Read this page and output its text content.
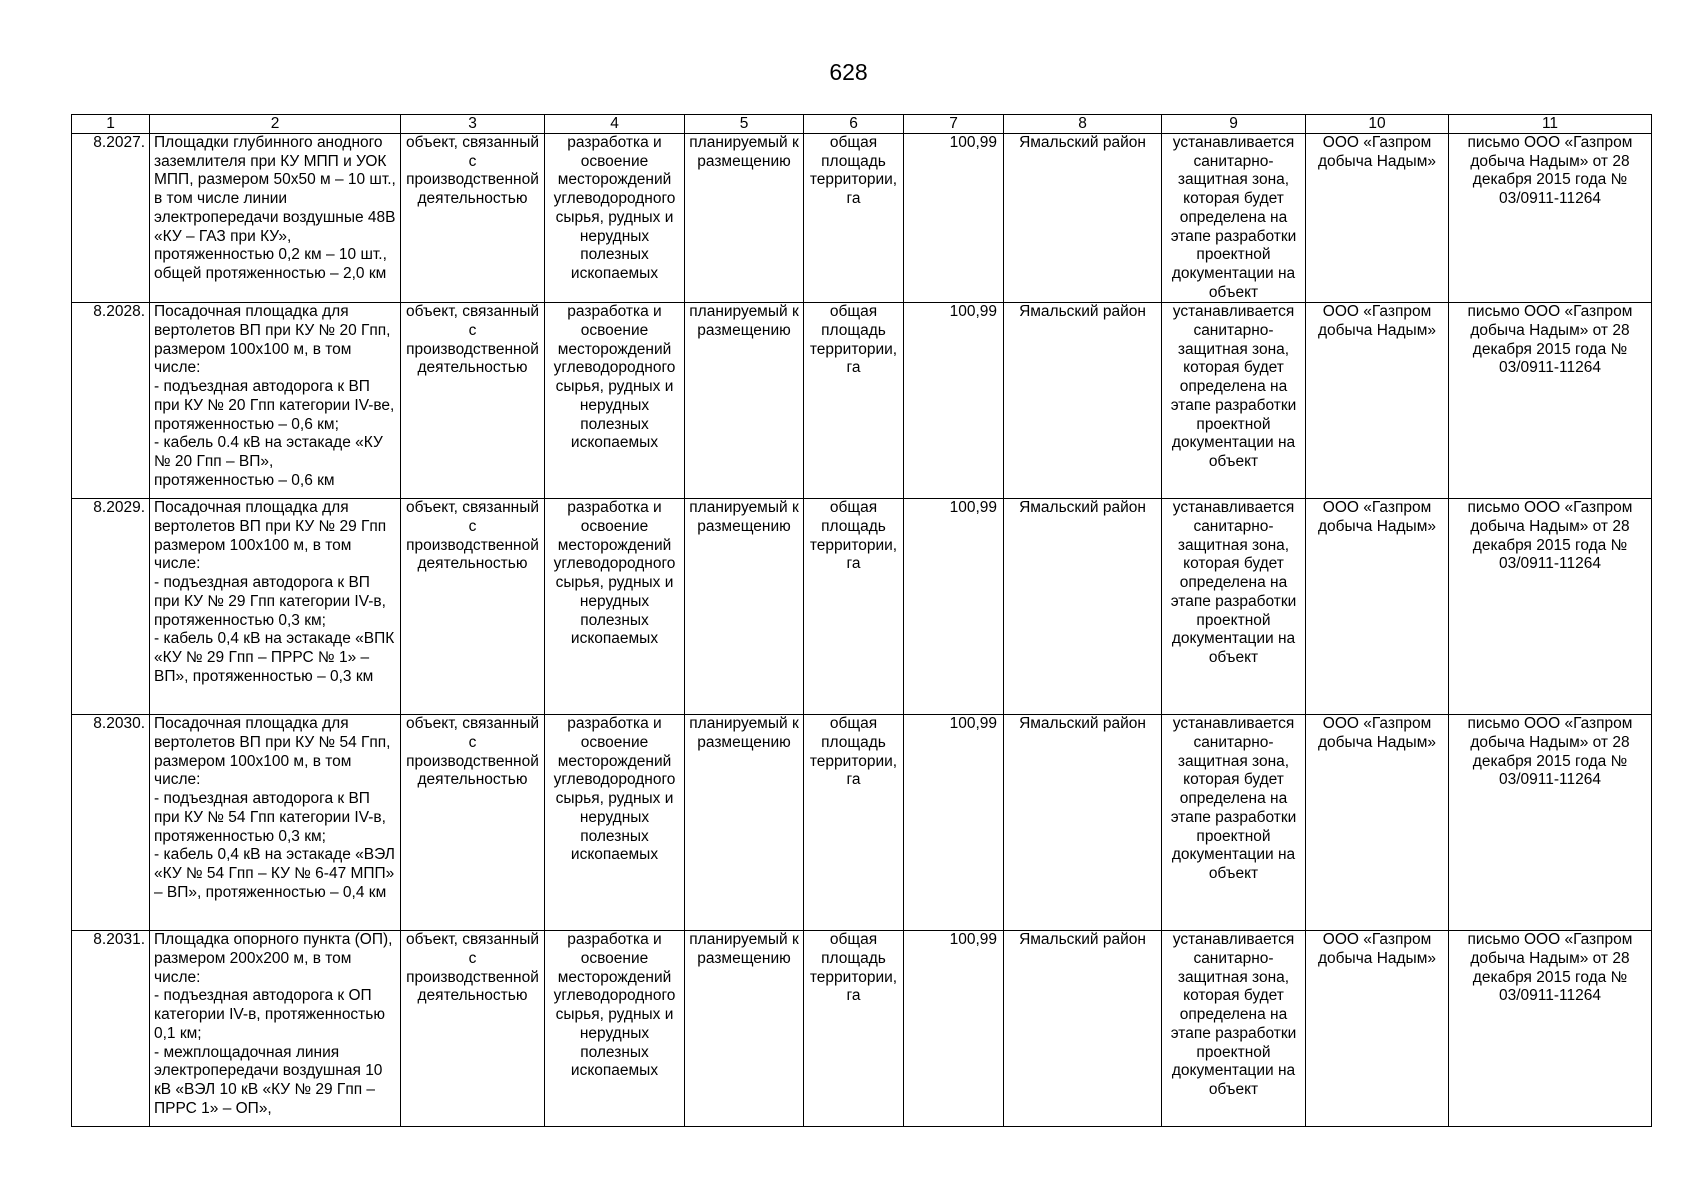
628
1	2	3	4	5	6	7	8	9	10	11
8.2027.	Площадки глубинного анодного заземлителя при КУ МПП и УОК МПП, размером 50х50 м – 10 шт., в том числе линии электропередачи воздушные 48В «КУ – ГАЗ при КУ», протяженностью 0,2 км – 10 шт., общей протяженностью – 2,0 км	объект, связанный с производственной деятельностью	разработка и освоение месторождений углеводородного сырья, рудных и нерудных полезных ископаемых	планируемый к размещению	общая площадь территории, га	100,99	Ямальский район	устанавливается санитарно-защитная зона, которая будет определена на этапе разработки проектной документации на объект	ООО «Газпром добыча Надым»	письмо ООО «Газпром добыча Надым» от 28 декабря 2015 года № 03/0911-11264
8.2028.	Посадочная площадка для вертолетов ВП при КУ № 20 Гпп, размером 100х100 м, в том числе:
- подъездная автодорога к ВП при КУ № 20 Гпп категории IV-ве, протяженностью – 0,6 км;
- кабель 0.4 кВ на эстакаде «КУ № 20 Гпп – ВП», протяженностью – 0,6 км	объект, связанный с производственной деятельностью	разработка и освоение месторождений углеводородного сырья, рудных и нерудных полезных ископаемых	планируемый к размещению	общая площадь территории, га	100,99	Ямальский район	устанавливается санитарно-защитная зона, которая будет определена на этапе разработки проектной документации на объект	ООО «Газпром добыча Надым»	письмо ООО «Газпром добыча Надым» от 28 декабря 2015 года № 03/0911-11264
8.2029.	Посадочная площадка для вертолетов ВП при КУ № 29 Гпп размером 100х100 м, в том числе:
- подъездная автодорога к ВП при КУ № 29 Гпп категории IV-в, протяженностью 0,3 км;
- кабель 0,4 кВ на эстакаде «ВПК «КУ № 29 Гпп – ПРРС № 1» – ВП», протяженностью – 0,3 км	объект, связанный с производственной деятельностью	разработка и освоение месторождений углеводородного сырья, рудных и нерудных полезных ископаемых	планируемый к размещению	общая площадь территории, га	100,99	Ямальский район	устанавливается санитарно-защитная зона, которая будет определена на этапе разработки проектной документации на объект	ООО «Газпром добыча Надым»	письмо ООО «Газпром добыча Надым» от 28 декабря 2015 года № 03/0911-11264
8.2030.	Посадочная площадка для вертолетов ВП при КУ № 54 Гпп, размером 100х100 м, в том числе:
- подъездная автодорога к ВП при КУ № 54 Гпп категории IV-в, протяженностью 0,3 км;
- кабель 0,4 кВ на эстакаде «ВЭЛ «КУ № 54 Гпп – КУ № 6-47 МПП» – ВП», протяженностью – 0,4 км	объект, связанный с производственной деятельностью	разработка и освоение месторождений углеводородного сырья, рудных и нерудных полезных ископаемых	планируемый к размещению	общая площадь территории, га	100,99	Ямальский район	устанавливается санитарно-защитная зона, которая будет определена на этапе разработки проектной документации на объект	ООО «Газпром добыча Надым»	письмо ООО «Газпром добыча Надым» от 28 декабря 2015 года № 03/0911-11264
8.2031.	Площадка опорного пункта (ОП), размером 200х200 м, в том числе:
- подъездная автодорога к ОП категории IV-в, протяженностью 0,1 км;
- межплощадочная линия электропередачи воздушная 10 кВ «ВЭЛ 10 кВ «КУ № 29 Гпп – ПРРС 1» – ОП»,	объект, связанный с производственной деятельностью	разработка и освоение месторождений углеводородного сырья, рудных и нерудных полезных ископаемых	планируемый к размещению	общая площадь территории, га	100,99	Ямальский район	устанавливается санитарно-защитная зона, которая будет определена на этапе разработки проектной документации на объект	ООО «Газпром добыча Надым»	письмо ООО «Газпром добыча Надым» от 28 декабря 2015 года № 03/0911-11264
